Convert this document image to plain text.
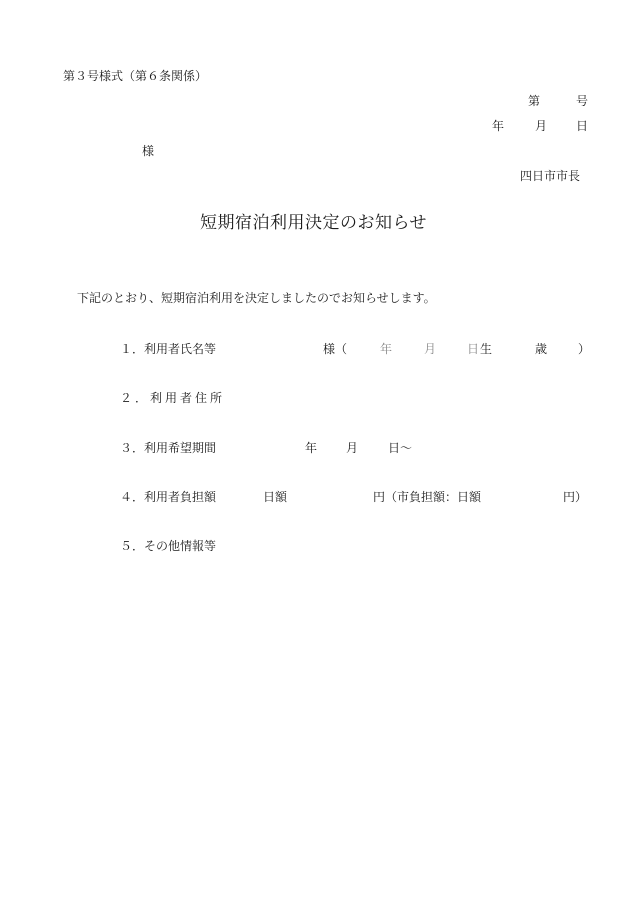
第３号様式（第６条関係）
第	号
年	月 日
様
四日市市長
短期宿泊利用決定のお知らせ
下記のとおり、短期宿泊利用を決定しましたのでお知らせします。
１．利用者氏名等	様（	年	月	日 生	歳	）
２．利用者住所
３．利用希望期間	年 月 日～
４．利用者負担額	日額	円（市負担額：日額	円）
５．その他情報等
